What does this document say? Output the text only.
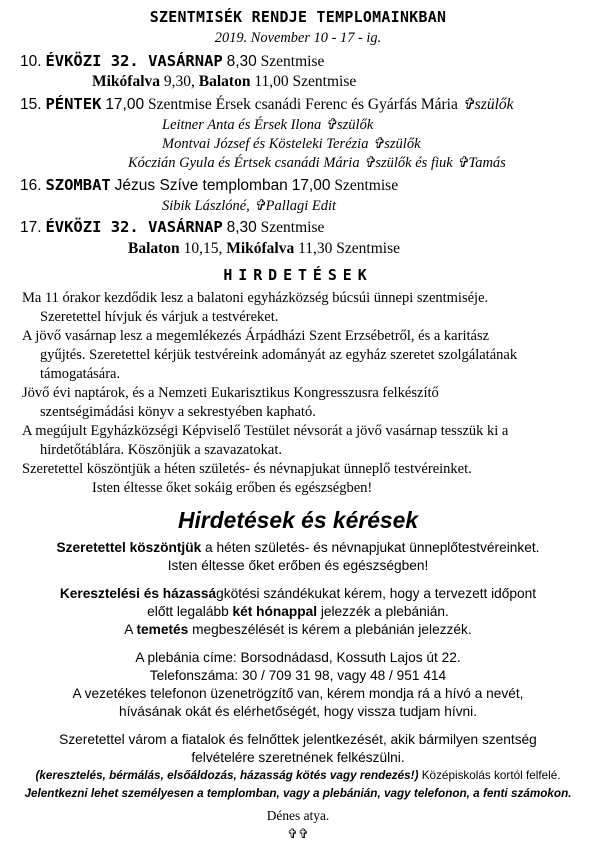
SZENTMISÉK RENDJE TEMPLOMAINKBAN
2019. November 10 - 17 - ig.
10. ÉVKÖZI 32. VASÁRNAP 8,30 Szentmise
Mikófalva 9,30, Balaton 11,00 Szentmise
15. PÉNTEK 17,00 Szentmise Érsek csanádi Ferenc és Gyárfás Mária ✞szülők
Leitner Anta és Érsek Ilona ✞szülők
Montvai József és Kösteleki Terézia ✞szülők
Kóczián Gyula és Értsek csanádi Mária ✞szülők és fiuk ✞Tamás
16. SZOMBAT Jézus Szíve templomban 17,00 Szentmise
Sibik Lászlóné, ✞Pallagi Edit
17. ÉVKÖZI 32. VASÁRNAP 8,30 Szentmise
Balaton 10,15, Mikófalva 11,30 Szentmise
HIRDETÉSEK
Ma 11 órakor kezdődik lesz a balatoni egyházközség búcsúi ünnepi szentmiséje.
Szeretettel hívjuk és várjuk a testvéreket.
A jövő vasárnap lesz a megemlékezés Árpádházi Szent Erzsébetről, és a karitász
gyűjtés. Szeretettel kérjük testvéreink adományát az egyház szeretet szolgálatának
támogatására.
Jövő évi naptárok, és a Nemzeti Eukarisztikus Kongresszusra felkészítő
szentségimádási könyv a sekrestyében kapható.
A megújult Egyházközségi Képviselő Testület névsorát a jövő vasárnap tesszük ki a
hirdetőtáblára. Köszönjük a szavazatokat.
Szeretettel köszöntjük a héten születés- és névnapjukat ünneplő testvéreinket.
Isten éltesse őket sokáig erőben és egészségben!
Hirdetések és kérések
Szeretettel köszöntjük a héten születés- és névnapjukat ünneplőtestvéreinket.
Isten éltesse őket erőben és egészségben!
Keresztelési és házasságkötési szándékukat kérem, hogy a tervezett időpont
előtt legalább két hónappal jelezzék a plebánián.
A temetés megbeszélését is kérem a plebánián jelezzék.
A plebánia címe: Borsodnádasd, Kossuth Lajos út 22.
Telefonszáma: 30 / 709 31 98, vagy 48 / 951 414
A vezetékes telefonon üzenetrögzítő van, kérem mondja rá a hívó a nevét,
hívásának okát és elérhetőségét, hogy vissza tudjam hívni.
Szeretettel várom a fiatalok és felnőttek jelentkezését, akik bármilyen szentség
felvételére szeretnének felkészülni.
(keresztelés, bérmálás, elsőáldozás, házasság kötés vagy rendezés!) Középiskolás kortól felfelé.
Jelentkezni lehet személyesen a templomban, vagy a plebánián, vagy telefonon, a fenti számokon.
Dénes atya.
✞✞
